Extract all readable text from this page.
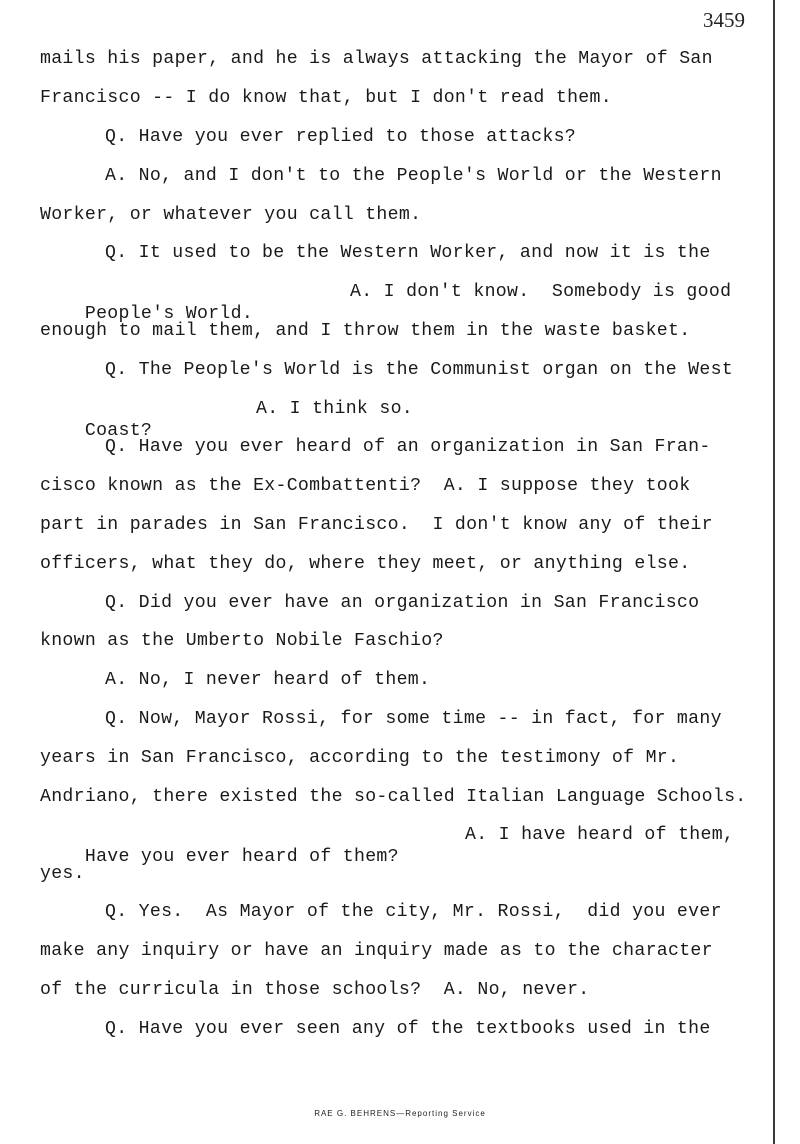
3459
mails his paper, and he is always attacking the Mayor of San
Francisco -- I do know that, but I don't read them.
Q. Have you ever replied to those attacks?
A. No, and I don't to the People's World or the Western
Worker, or whatever you call them.
Q. It used to be the Western Worker, and now it is the

People's World.

A. I don't know.  Somebody is good

enough to mail them, and I throw them in the waste basket.
Q. The People's World is the Communist organ on the West

Coast?

A. I think so.

Q. Have you ever heard of an organization in San Fran-
cisco known as the Ex-Combattenti?  A. I suppose they took
part in parades in San Francisco.  I don't know any of their
officers, what they do, where they meet, or anything else.
Q. Did you ever have an organization in San Francisco
known as the Umberto Nobile Faschio?
A. No, I never heard of them.
Q. Now, Mayor Rossi, for some time -- in fact, for many
years in San Francisco, according to the testimony of Mr.
Andriano, there existed the so-called Italian Language Schools.

Have you ever heard of them?

A. I have heard of them,

yes.
Q. Yes.  As Mayor of the city, Mr. Rossi,  did you ever
make any inquiry or have an inquiry made as to the character
of the curricula in those schools?  A. No, never.
Q. Have you ever seen any of the textbooks used in the
RAE G. BEHRENS—Reporting Service
